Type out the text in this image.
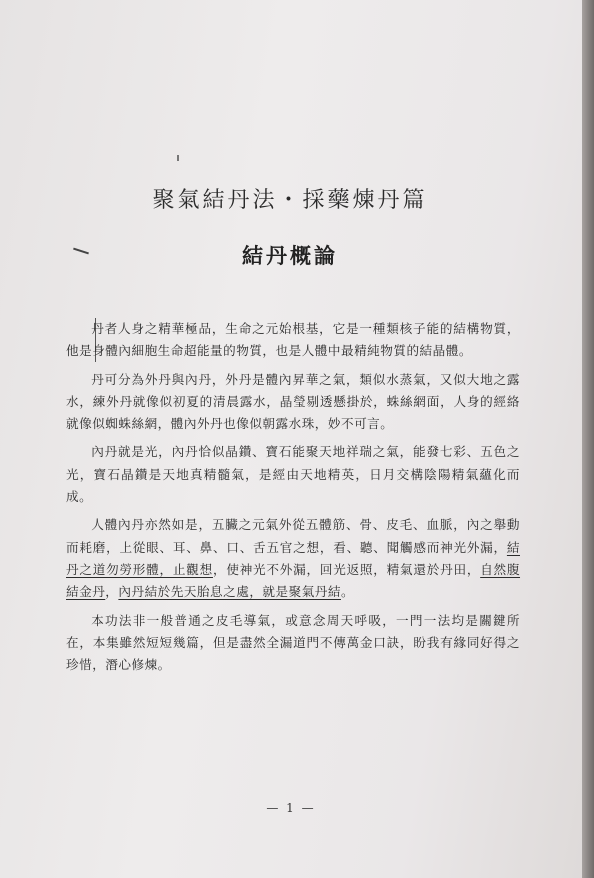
聚氣結丹法・採藥煉丹篇
結丹概論

丹者人身之精華極品，生命之元始根基，它是一種類核子能的結構物質，他是身體內細胞生命超能量的物質，也是人體中最精純物質的結晶體。

丹可分為外丹與內丹，外丹是體內昇華之氣，類似水蒸氣，又似大地之露水，練外丹就像似初夏的清晨露水，晶瑩剔透懸掛於，蛛絲網面，人身的經絡就像似蜘蛛絲網，體內外丹也像似朝露水珠，妙不可言。

內丹就是光，內丹恰似晶鑽、寶石能聚天地祥瑞之氣，能發七彩、五色之光，寶石晶鑽是天地真精髓氣，是經由天地精英，日月交構陰陽精氣蘊化而成。

人體內丹亦然如是，五臟之元氣外從五體筋、骨、皮毛、血脈，內之舉動而耗磨，上從眼、耳、鼻、口、舌五官之想，看、聽、聞觸感而神光外漏，結丹之道勿勞形體，止觀想，使神光不外漏，回光返照，精氣還於丹田，自然腹結金丹，內丹結於先天胎息之處，就是聚氣丹結。

本功法非一般普通之皮毛導氣，或意念周天呼吸，一門一法均是關鍵所在，本集雖然短短幾篇，但是盡然全漏道門不傳萬金口訣，盼我有緣同好得之珍惜，潛心修煉。

— 1 —
